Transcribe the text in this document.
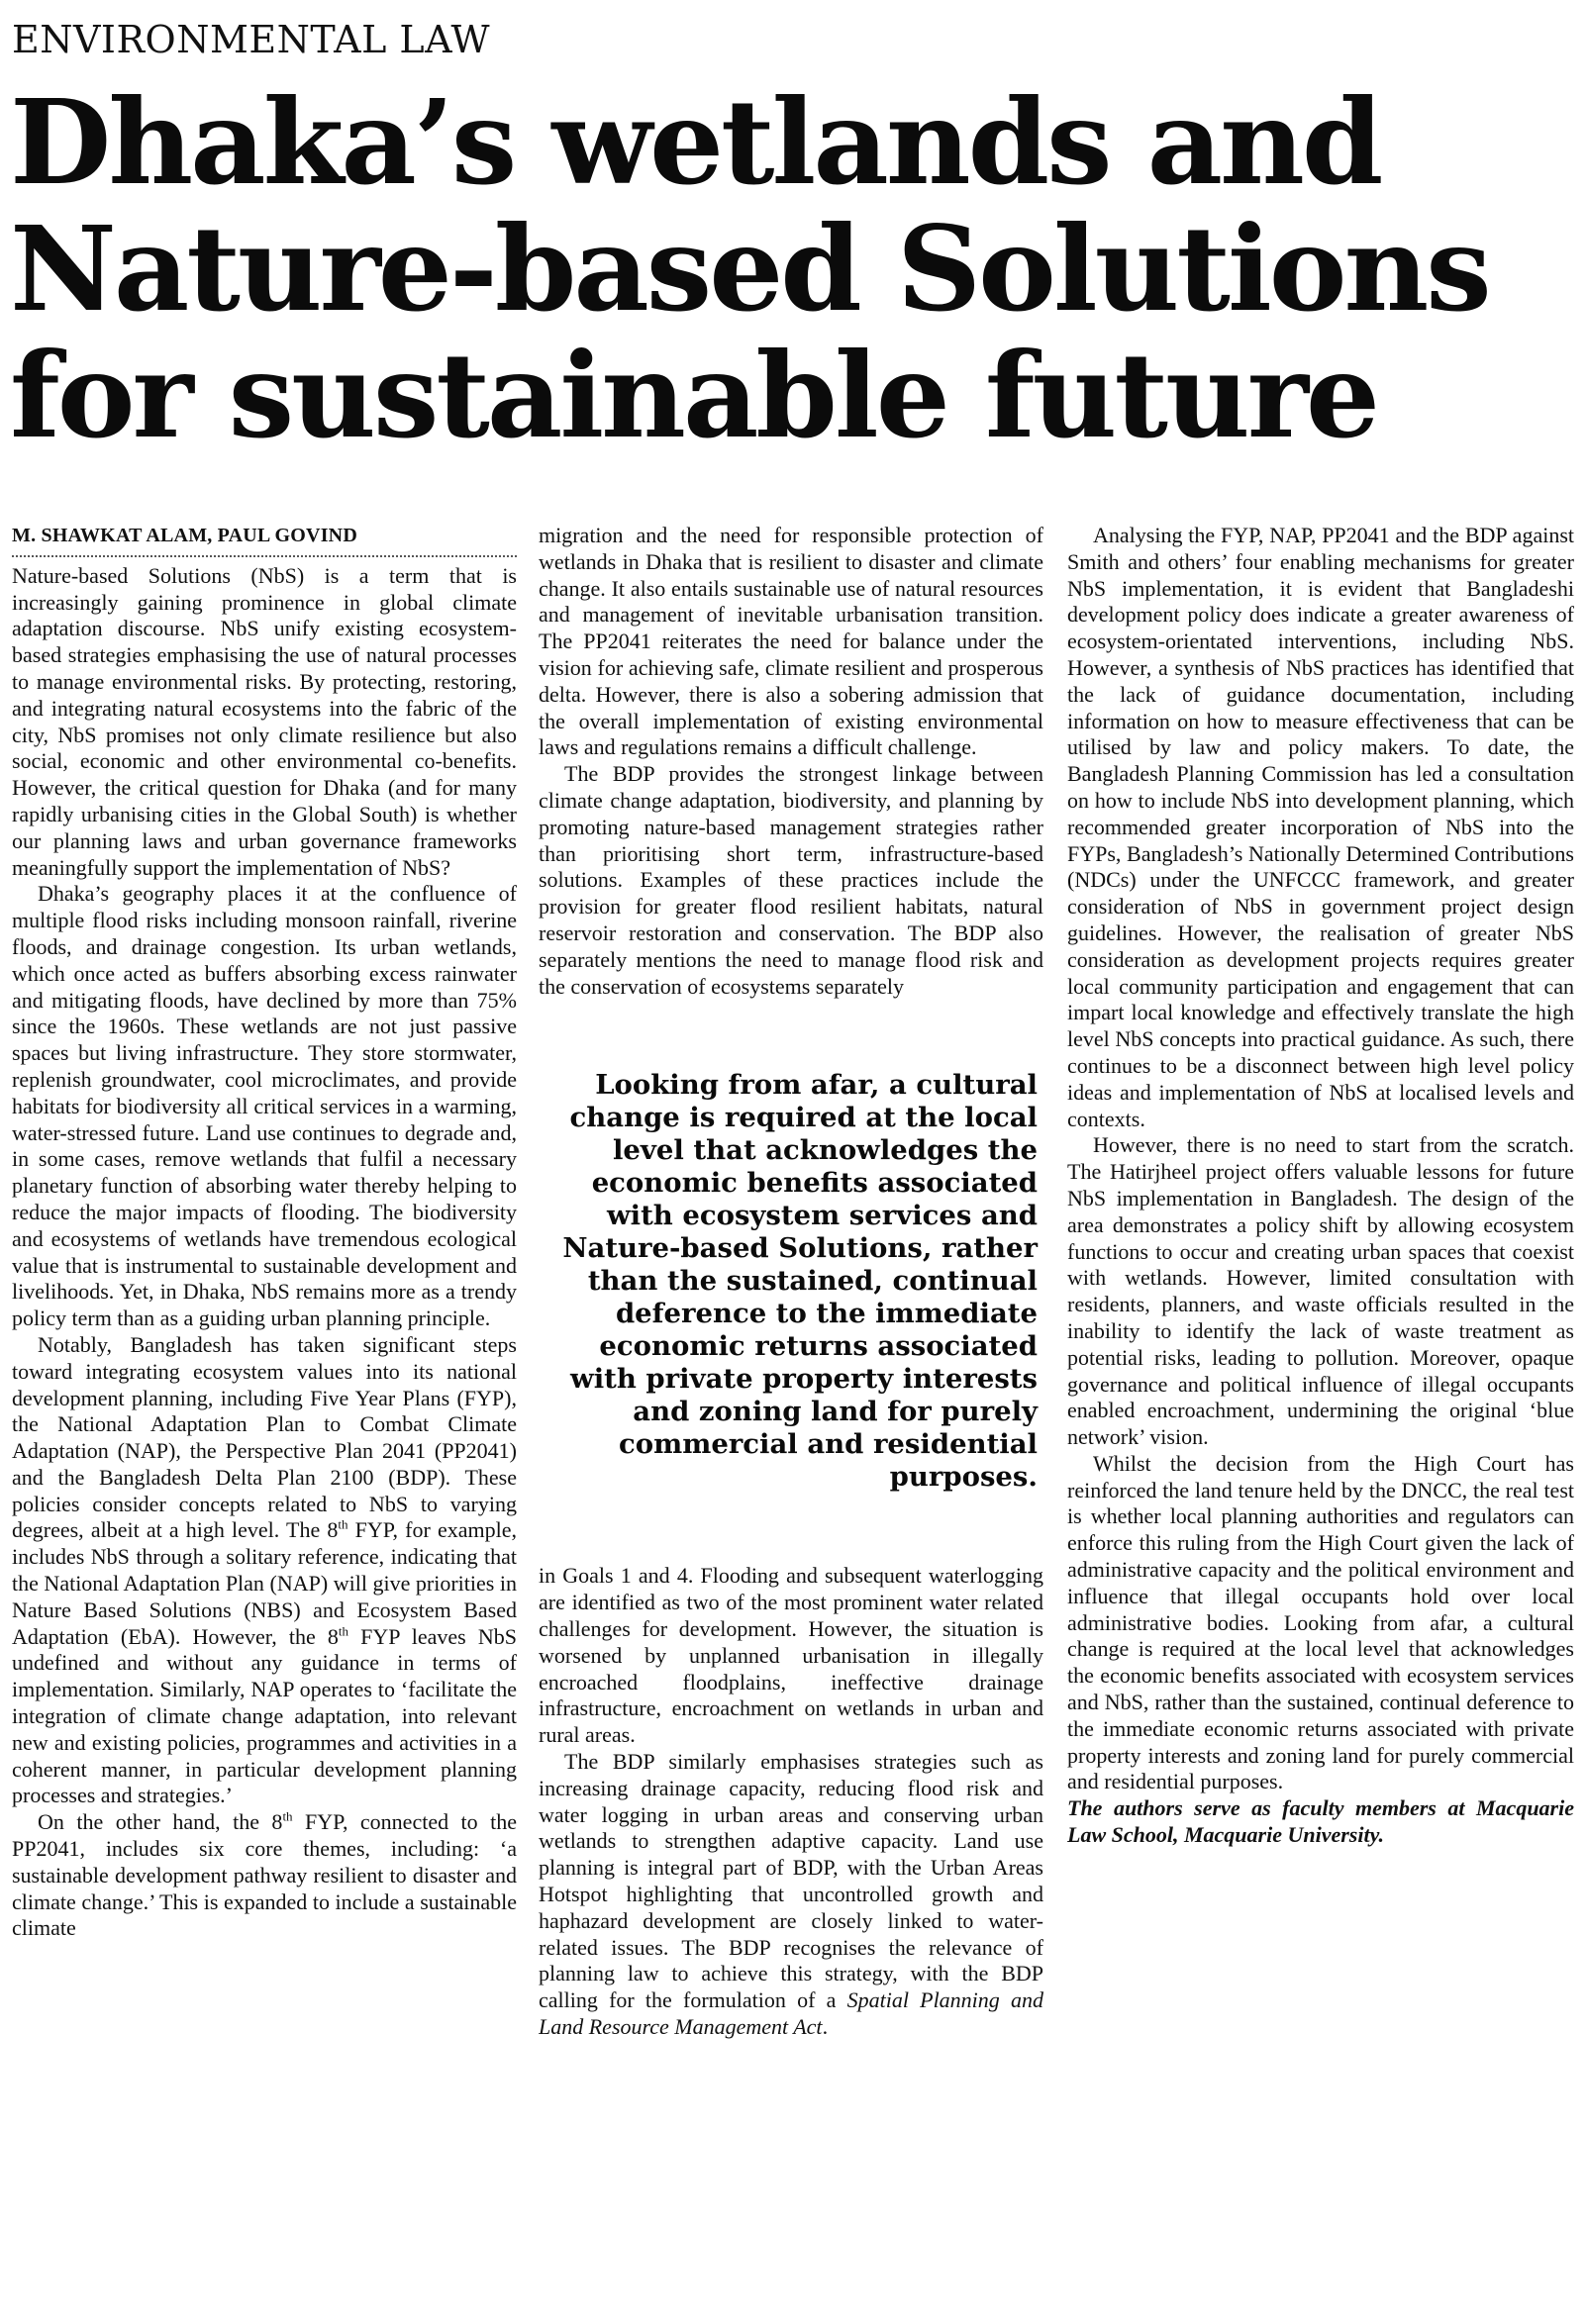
ENVIRONMENTAL LAW
Dhaka’s wetlands and
Nature-based Solutions
for sustainable future
M. SHAWKAT ALAM, PAUL GOVIND

Nature-based Solutions (NbS) is a term that is increasingly gaining prominence in global climate adaptation discourse. NbS unify existing ecosystem-based strategies emphasising the use of natural processes to manage environmental risks. By protecting, restoring, and integrating natural ecosystems into the fabric of the city, NbS promises not only climate resilience but also social, economic and other environmental co-benefits. However, the critical question for Dhaka (and for many rapidly urbanising cities in the Global South) is whether our planning laws and urban governance frameworks meaningfully support the implementation of NbS?

Dhaka’s geography places it at the confluence of multiple flood risks including monsoon rainfall, riverine floods, and drainage congestion. Its urban wetlands, which once acted as buffers absorbing excess rainwater and mitigating floods, have declined by more than 75% since the 1960s. These wetlands are not just passive spaces but living infrastructure. They store stormwater, replenish groundwater, cool microclimates, and provide habitats for biodiversity all critical services in a warming, water-stressed future. Land use continues to degrade and, in some cases, remove wetlands that fulfil a necessary planetary function of absorbing water thereby helping to reduce the major impacts of flooding. The biodiversity and ecosystems of wetlands have tremendous ecological value that is instrumental to sustainable development and livelihoods. Yet, in Dhaka, NbS remains more as a trendy policy term than as a guiding urban planning principle.

Notably, Bangladesh has taken significant steps toward integrating ecosystem values into its national development planning, including Five Year Plans (FYP), the National Adaptation Plan to Combat Climate Adaptation (NAP), the Perspective Plan 2041 (PP2041) and the Bangladesh Delta Plan 2100 (BDP). These policies consider concepts related to NbS to varying degrees, albeit at a high level. The 8th FYP, for example, includes NbS through a solitary reference, indicating that the National Adaptation Plan (NAP) will give priorities in Nature Based Solutions (NBS) and Ecosystem Based Adaptation (EbA). However, the 8th FYP leaves NbS undefined and without any guidance in terms of implementation. Similarly, NAP operates to ‘facilitate the integration of climate change adaptation, into relevant new and existing policies, programmes and activities in a coherent manner, in particular development planning processes and strategies.’

On the other hand, the 8th FYP, connected to the PP2041, includes six core themes, including: ‘a sustainable development pathway resilient to disaster and climate change.’ This is expanded to include a sustainable climate

migration and the need for responsible protection of wetlands in Dhaka that is resilient to disaster and climate change. It also entails sustainable use of natural resources and management of inevitable urbanisation transition. The PP2041 reiterates the need for balance under the vision for achieving safe, climate resilient and prosperous delta. However, there is also a sobering admission that the overall implementation of existing environmental laws and regulations remains a difficult challenge.

The BDP provides the strongest linkage between climate change adaptation, biodiversity, and planning by promoting nature-based management strategies rather than prioritising short term, infrastructure-based solutions. Examples of these practices include the provision for greater flood resilient habitats, natural reservoir restoration and conservation. The BDP also separately mentions the need to manage flood risk and the conservation of ecosystems separately

Looking from afar, a cultural change is required at the local level that acknowledges the economic benefits associated with ecosystem services and Nature-based Solutions, rather than the sustained, continual deference to the immediate economic returns associated with private property interests and zoning land for purely commercial and residential purposes.

in Goals 1 and 4. Flooding and subsequent waterlogging are identified as two of the most prominent water related challenges for development. However, the situation is worsened by unplanned urbanisation in illegally encroached floodplains, ineffective drainage infrastructure, encroachment on wetlands in urban and rural areas.

The BDP similarly emphasises strategies such as increasing drainage capacity, reducing flood risk and water logging in urban areas and conserving urban wetlands to strengthen adaptive capacity. Land use planning is integral part of BDP, with the Urban Areas Hotspot highlighting that uncontrolled growth and haphazard development are closely linked to water-related issues. The BDP recognises the relevance of planning law to achieve this strategy, with the BDP calling for the formulation of a Spatial Planning and Land Resource Management Act.

Analysing the FYP, NAP, PP2041 and the BDP against Smith and others’ four enabling mechanisms for greater NbS implementation, it is evident that Bangladeshi development policy does indicate a greater awareness of ecosystem-orientated interventions, including NbS. However, a synthesis of NbS practices has identified that the lack of guidance documentation, including information on how to measure effectiveness that can be utilised by law and policy makers. To date, the Bangladesh Planning Commission has led a consultation on how to include NbS into development planning, which recommended greater incorporation of NbS into the FYPs, Bangladesh’s Nationally Determined Contributions (NDCs) under the UNFCCC framework, and greater consideration of NbS in government project design guidelines. However, the realisation of greater NbS consideration as development projects requires greater local community participation and engagement that can impart local knowledge and effectively translate the high level NbS concepts into practical guidance. As such, there continues to be a disconnect between high level policy ideas and implementation of NbS at localised levels and contexts.

However, there is no need to start from the scratch. The Hatirjheel project offers valuable lessons for future NbS implementation in Bangladesh. The design of the area demonstrates a policy shift by allowing ecosystem functions to occur and creating urban spaces that coexist with wetlands. However, limited consultation with residents, planners, and waste officials resulted in the inability to identify the lack of waste treatment as potential risks, leading to pollution. Moreover, opaque governance and political influence of illegal occupants enabled encroachment, undermining the original ‘blue network’ vision.

Whilst the decision from the High Court has reinforced the land tenure held by the DNCC, the real test is whether local planning authorities and regulators can enforce this ruling from the High Court given the lack of administrative capacity and the political environment and influence that illegal occupants hold over local administrative bodies. Looking from afar, a cultural change is required at the local level that acknowledges the economic benefits associated with ecosystem services and NbS, rather than the sustained, continual deference to the immediate economic returns associated with private property interests and zoning land for purely commercial and residential purposes.

The authors serve as faculty members at Macquarie Law School, Macquarie University.
